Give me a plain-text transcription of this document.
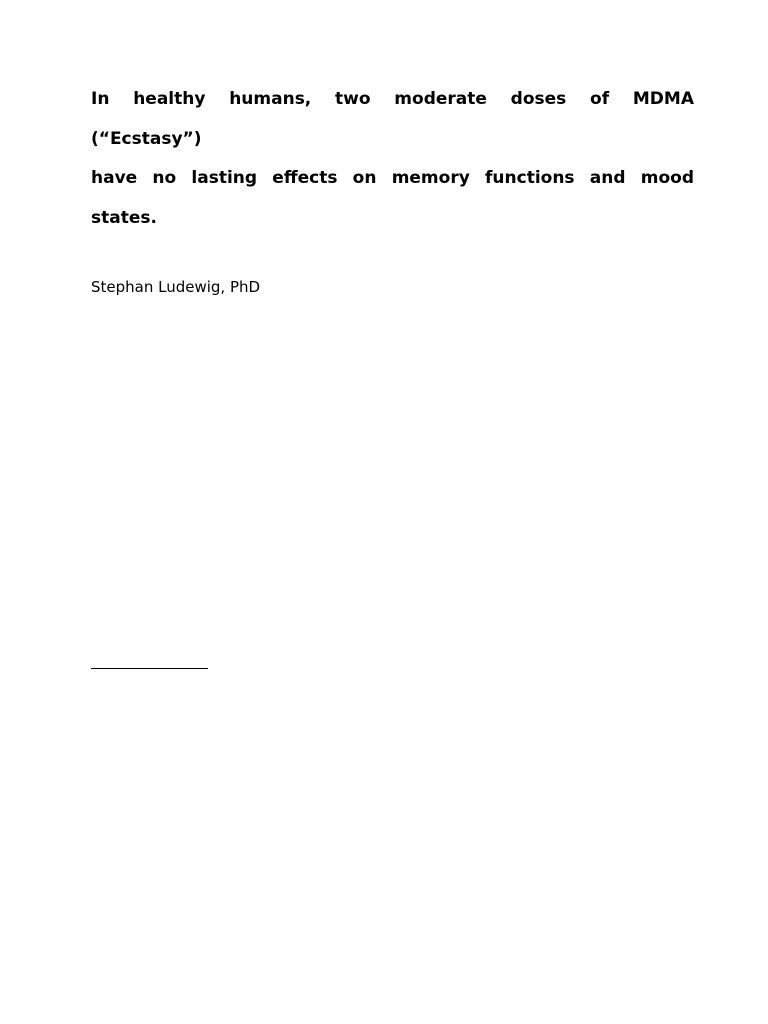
In healthy humans, two moderate doses of MDMA
(“Ecstasy”)
have no lasting effects on memory functions and mood
states.

Stephan Ludewig, PhD
